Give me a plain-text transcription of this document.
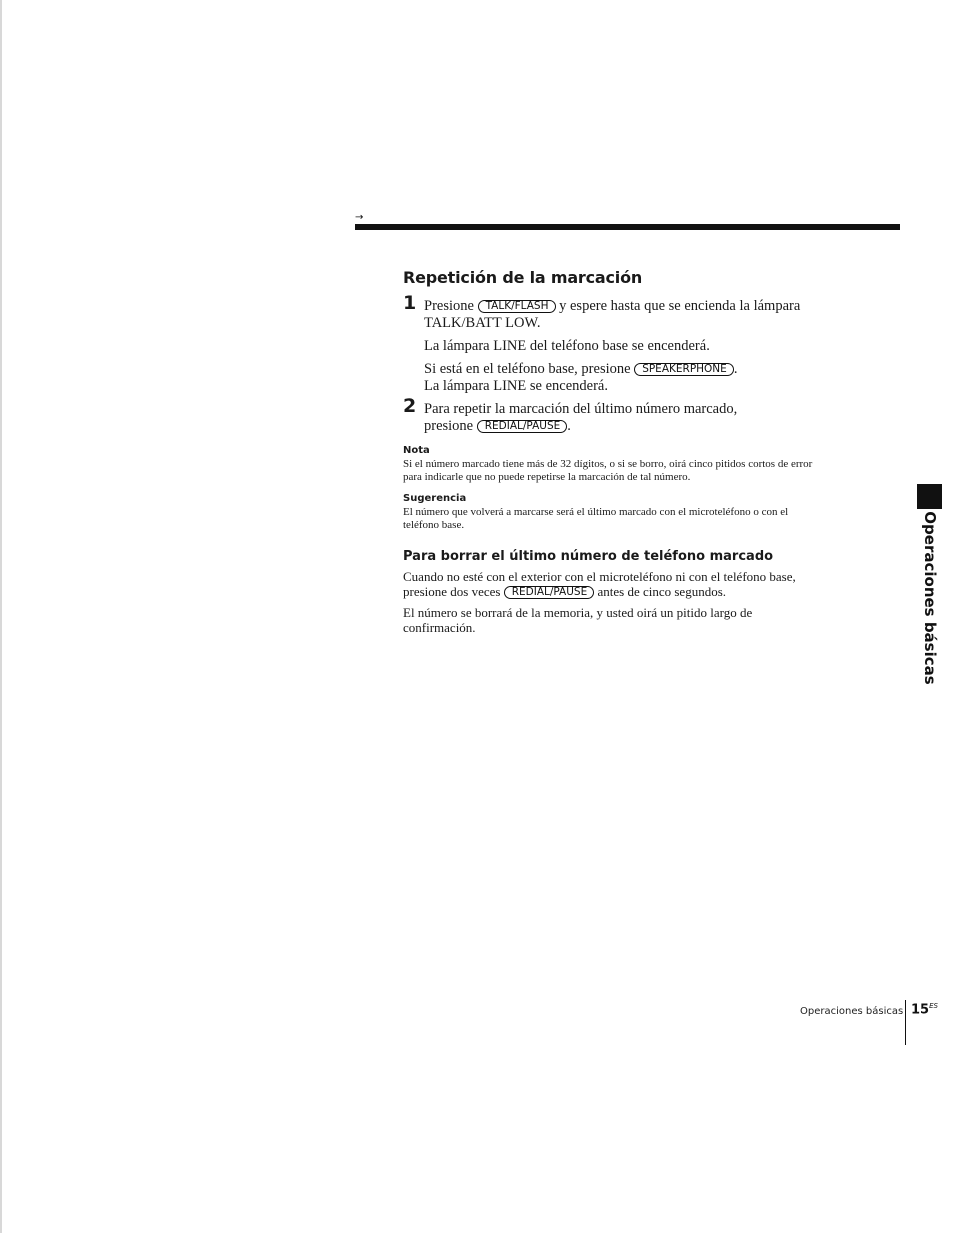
→
Repetición de la marcación
1 Presione TALK/FLASH y espere hasta que se encienda la lámpara TALK/BATT LOW.

La lámpara LINE del teléfono base se encenderá.

Si está en el teléfono base, presione SPEAKERPHONE .

La lámpara LINE se encenderá.

2 Para repetir la marcación del último número marcado,

presione REDIAL/PAUSE .

Nota

Si el número marcado tiene más de 32 dígitos, o si se borro, oirá cinco pitidos cortos de error para indicarle que no puede repetirse la marcación de tal número.

Sugerencia

El número que volverá a marcarse será el último marcado con el microteléfono o con el teléfono base.

Para borrar el último número de teléfono marcado

Cuando no esté con el exterior con el microteléfono ni con el teléfono base, presione dos veces REDIAL/PAUSE antes de cinco segundos.

El número se borrará de la memoria, y usted oirá un pitido largo de confirmación.	Operaciones básicas
Operaciones básicas $15^{ES}$
